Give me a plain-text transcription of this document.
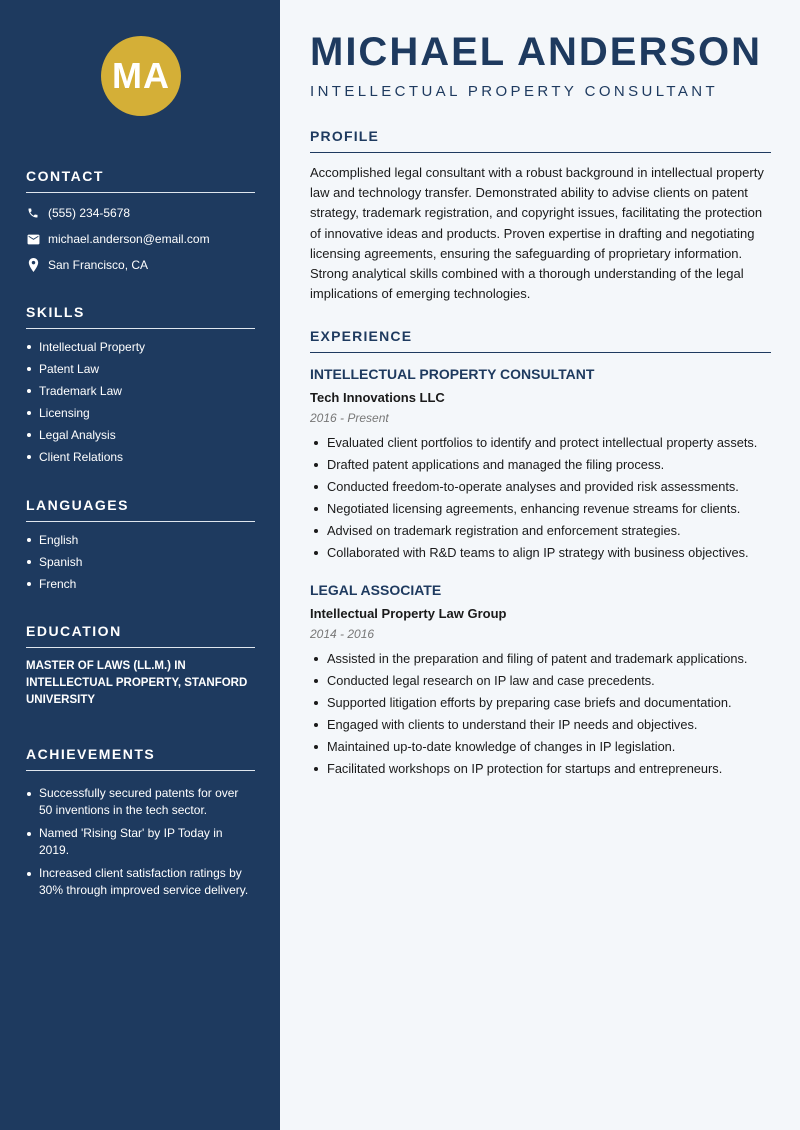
MA
CONTACT
(555) 234-5678
michael.anderson@email.com
San Francisco, CA
SKILLS
Intellectual Property
Patent Law
Trademark Law
Licensing
Legal Analysis
Client Relations
LANGUAGES
English
Spanish
French
EDUCATION
MASTER OF LAWS (LL.M.) IN INTELLECTUAL PROPERTY, STANFORD UNIVERSITY
ACHIEVEMENTS
Successfully secured patents for over 50 inventions in the tech sector.
Named 'Rising Star' by IP Today in 2019.
Increased client satisfaction ratings by 30% through improved service delivery.
MICHAEL ANDERSON
INTELLECTUAL PROPERTY CONSULTANT
PROFILE

Accomplished legal consultant with a robust background in intellectual property law and technology transfer. Demonstrated ability to advise clients on patent strategy, trademark registration, and copyright issues, facilitating the protection of innovative ideas and products. Proven expertise in drafting and negotiating licensing agreements, ensuring the safeguarding of proprietary information. Strong analytical skills combined with a thorough understanding of the legal implications of emerging technologies.

EXPERIENCE
INTELLECTUAL PROPERTY CONSULTANT
Tech Innovations LLC
2016 - Present
Evaluated client portfolios to identify and protect intellectual property assets.
Drafted patent applications and managed the filing process.
Conducted freedom-to-operate analyses and provided risk assessments.
Negotiated licensing agreements, enhancing revenue streams for clients.
Advised on trademark registration and enforcement strategies.
Collaborated with R&D teams to align IP strategy with business objectives.
LEGAL ASSOCIATE
Intellectual Property Law Group
2014 - 2016
Assisted in the preparation and filing of patent and trademark applications.
Conducted legal research on IP law and case precedents.
Supported litigation efforts by preparing case briefs and documentation.
Engaged with clients to understand their IP needs and objectives.
Maintained up-to-date knowledge of changes in IP legislation.
Facilitated workshops on IP protection for startups and entrepreneurs.
